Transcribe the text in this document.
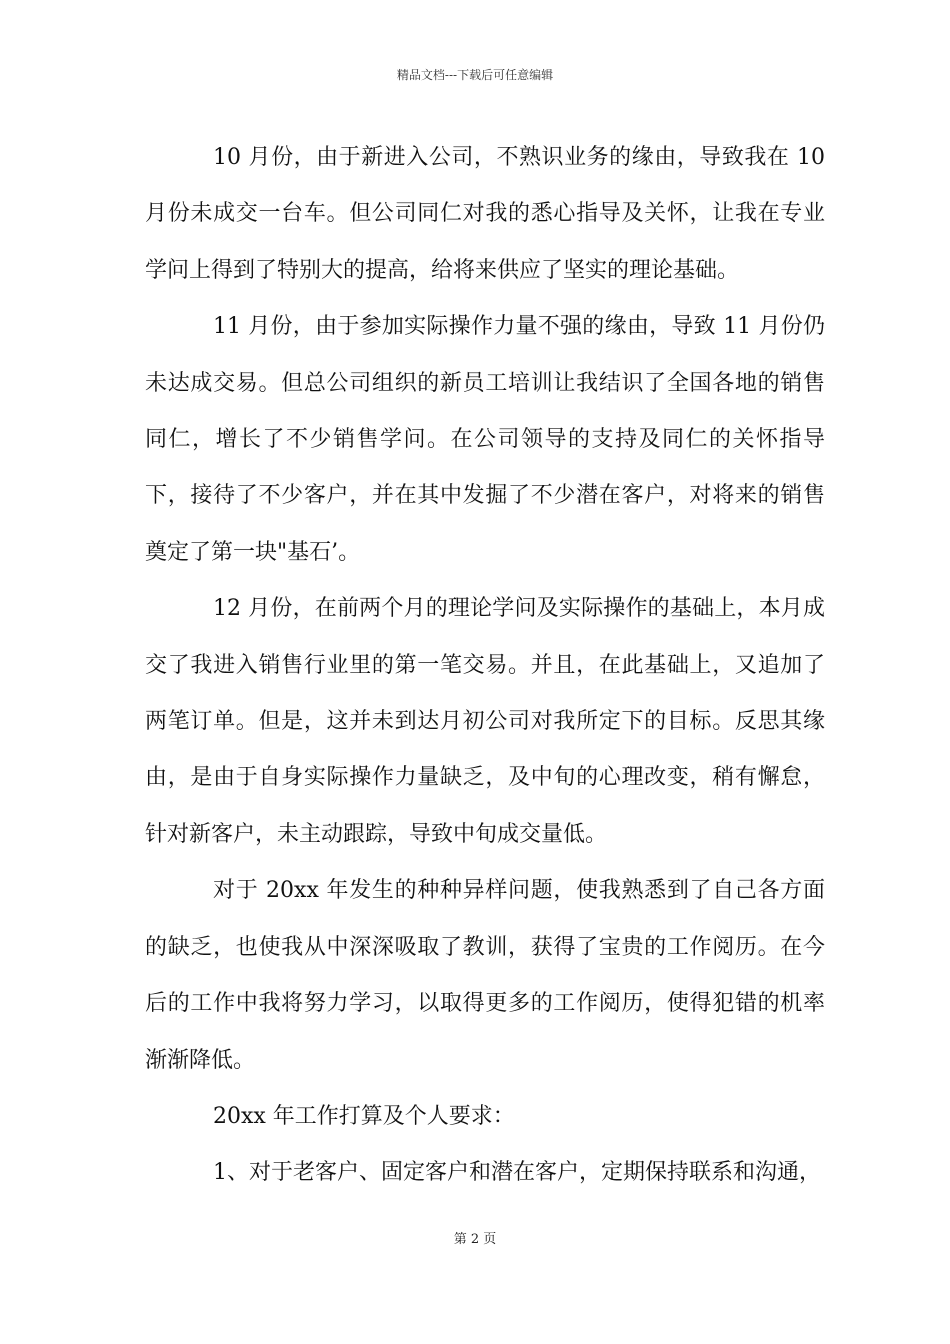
精品文档---下载后可任意编辑

10 月份，由于新进入公司，不熟识业务的缘由，导致我在 10 月份未成交一台车。但公司同仁对我的悉心指导及关怀，让我在专业学问上得到了特别大的提高，给将来供应了坚实的理论基础。

11 月份，由于参加实际操作力量不强的缘由，导致 11 月份仍未达成交易。但总公司组织的新员工培训让我结识了全国各地的销售同仁，增长了不少销售学问。在公司领导的支持及同仁的关怀指导下，接待了不少客户，并在其中发掘了不少潜在客户，对将来的销售奠定了第一块"基石’。

12 月份，在前两个月的理论学问及实际操作的基础上，本月成交了我进入销售行业里的第一笔交易。并且，在此基础上，又追加了两笔订单。但是，这并未到达月初公司对我所定下的目标。反思其缘由，是由于自身实际操作力量缺乏，及中旬的心理改变，稍有懈怠，针对新客户，未主动跟踪，导致中旬成交量低。

对于 20xx 年发生的种种异样问题，使我熟悉到了自己各方面的缺乏，也使我从中深深吸取了教训，获得了宝贵的工作阅历。在今后的工作中我将努力学习，以取得更多的工作阅历，使得犯错的机率渐渐降低。

20xx 年工作打算及个人要求：

1、对于老客户、固定客户和潜在客户，定期保持联系和沟通，

第 2 页
